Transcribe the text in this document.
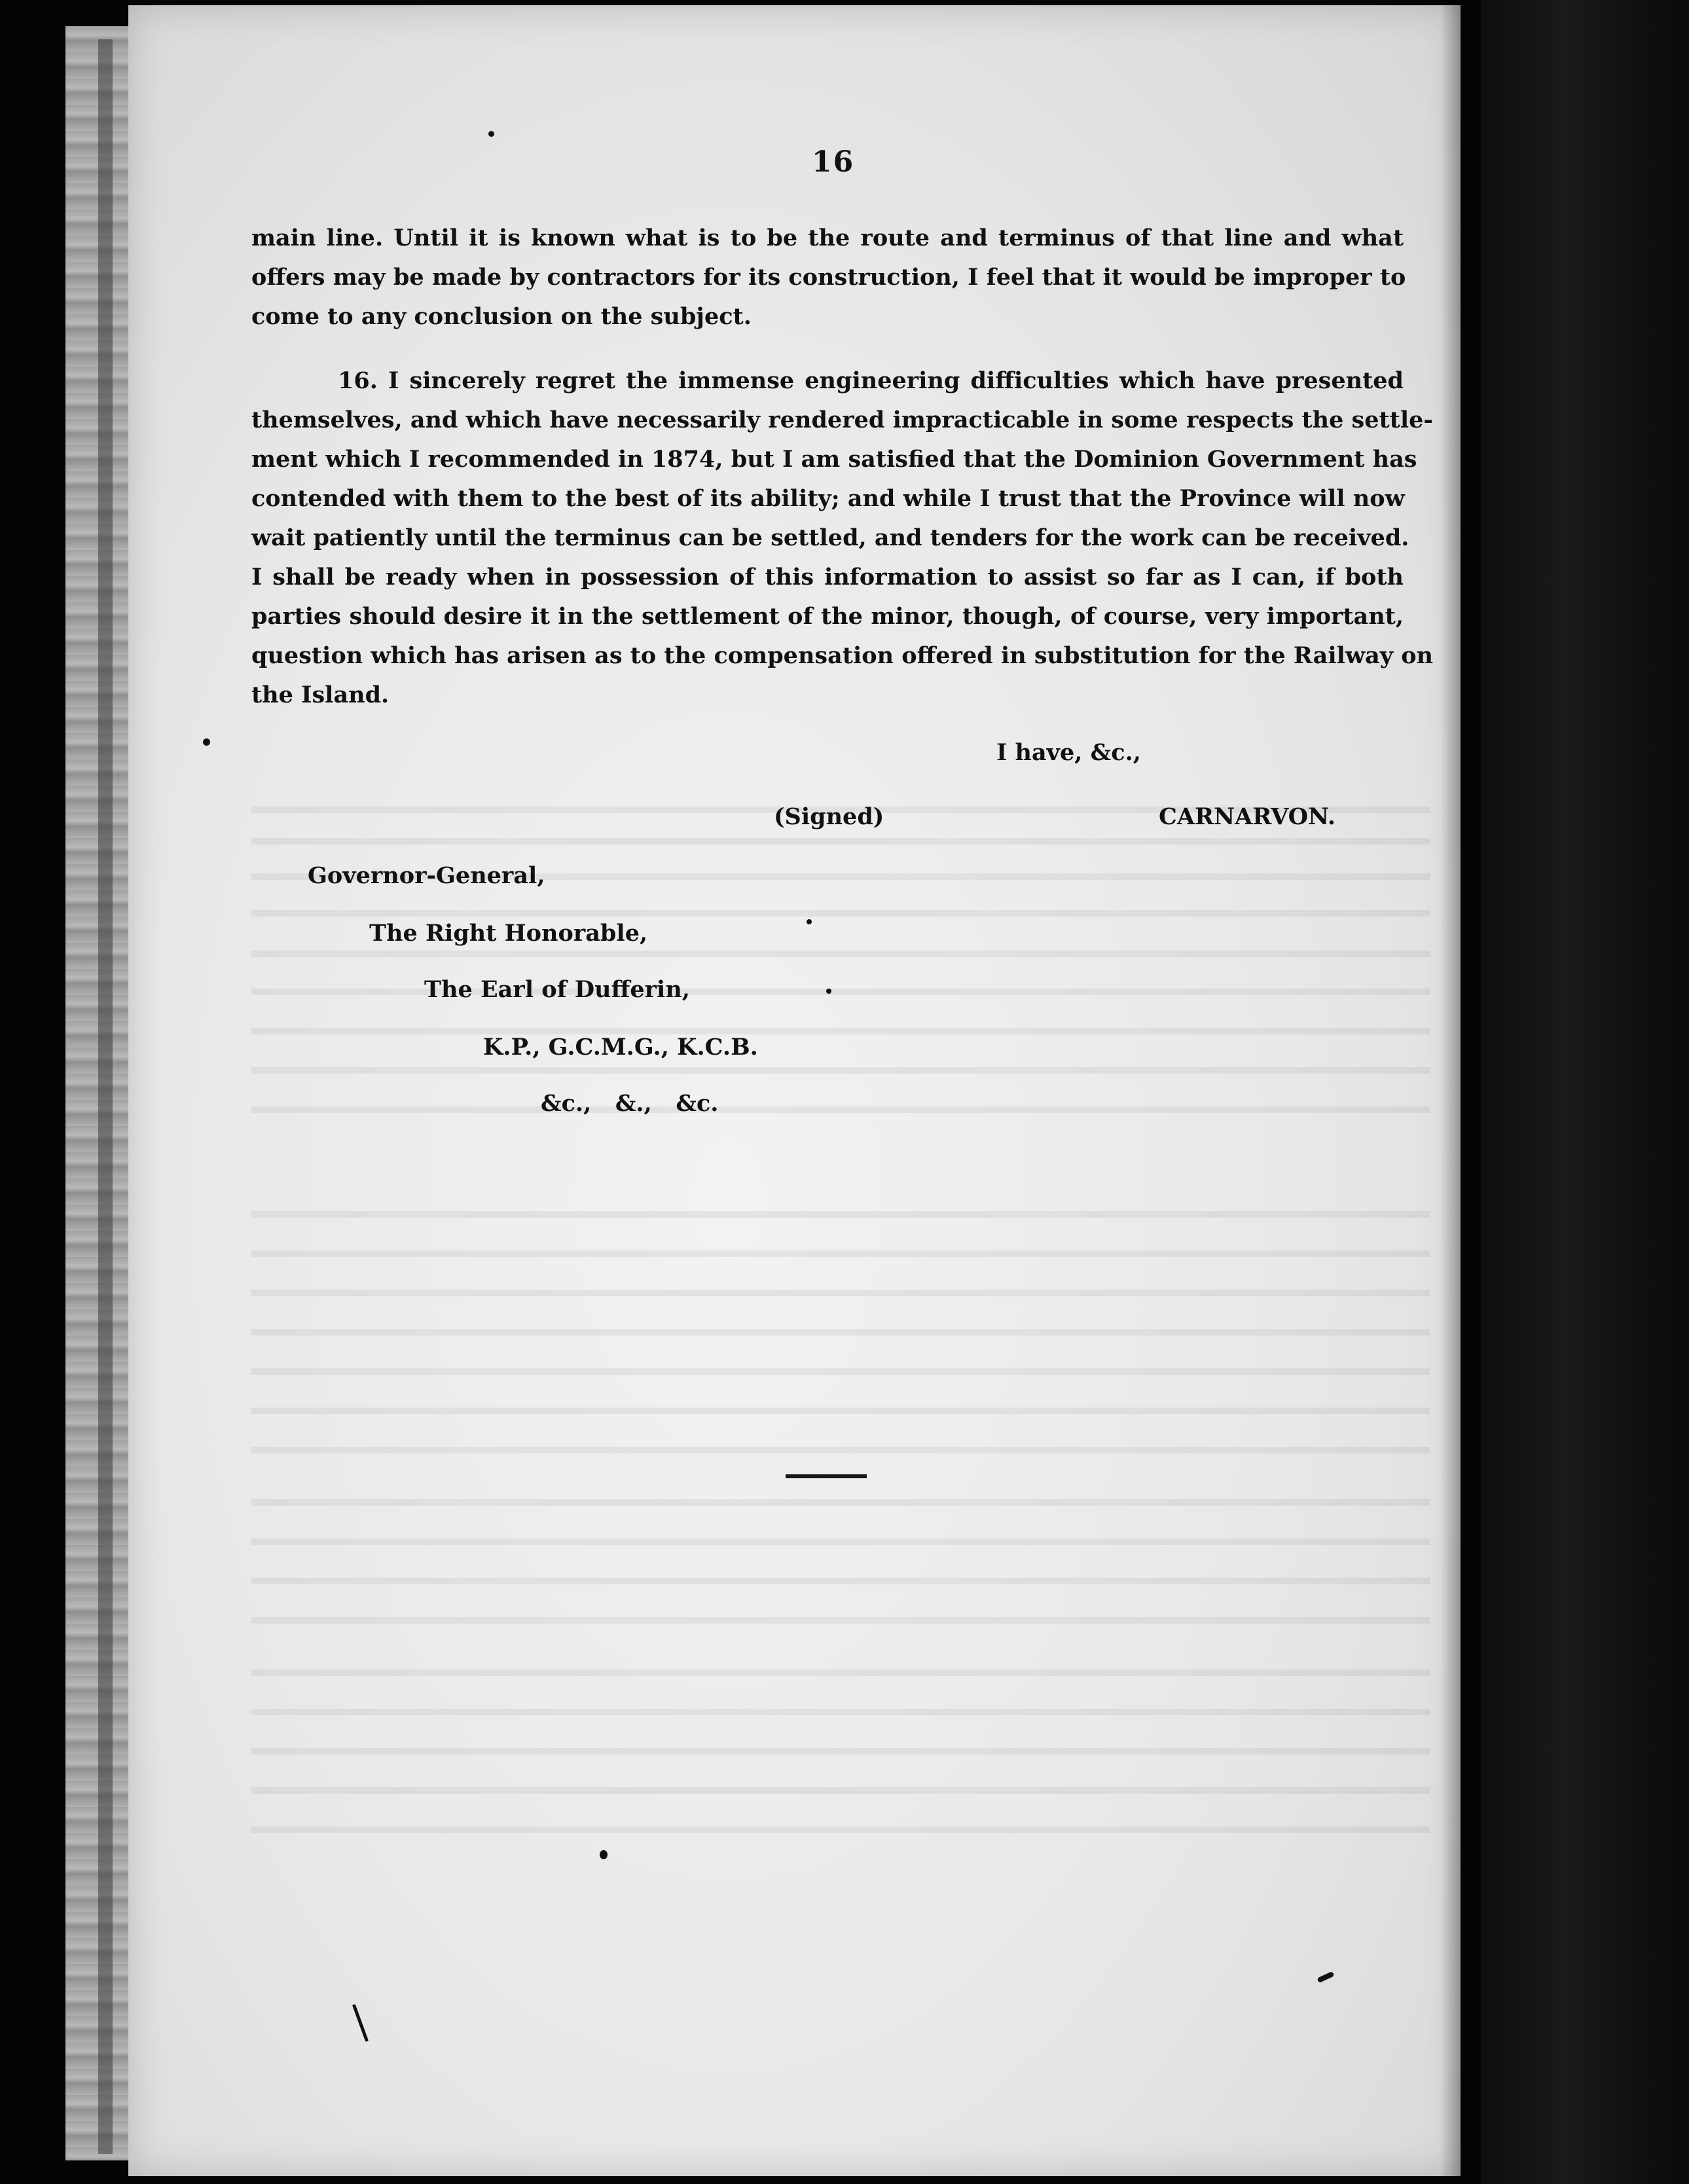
16
main line. Until it is known what is to be the route and terminus of that line and what
offers may be made by contractors for its construction, I feel that it would be improper to
come to any conclusion on the subject.
16. I sincerely regret the immense engineering difficulties which have presented
themselves, and which have necessarily rendered impracticable in some respects the settle-
ment which I recommended in 1874, but I am satisfied that the Dominion Government has
contended with them to the best of its ability; and while I trust that the Province will now
wait patiently until the terminus can be settled, and tenders for the work can be received.
I shall be ready when in possession of this information to assist so far as I can, if both
parties should desire it in the settlement of the minor, though, of course, very important,
question which has arisen as to the compensation offered in substitution for the Railway on
the Island.
I have, &c.,
(Signed)	CARNARVON.
Governor-General,
The Right Honorable,
The Earl of Dufferin,
K.P., G.C.M.G., K.C.B.
&c.,   &.,   &c.
